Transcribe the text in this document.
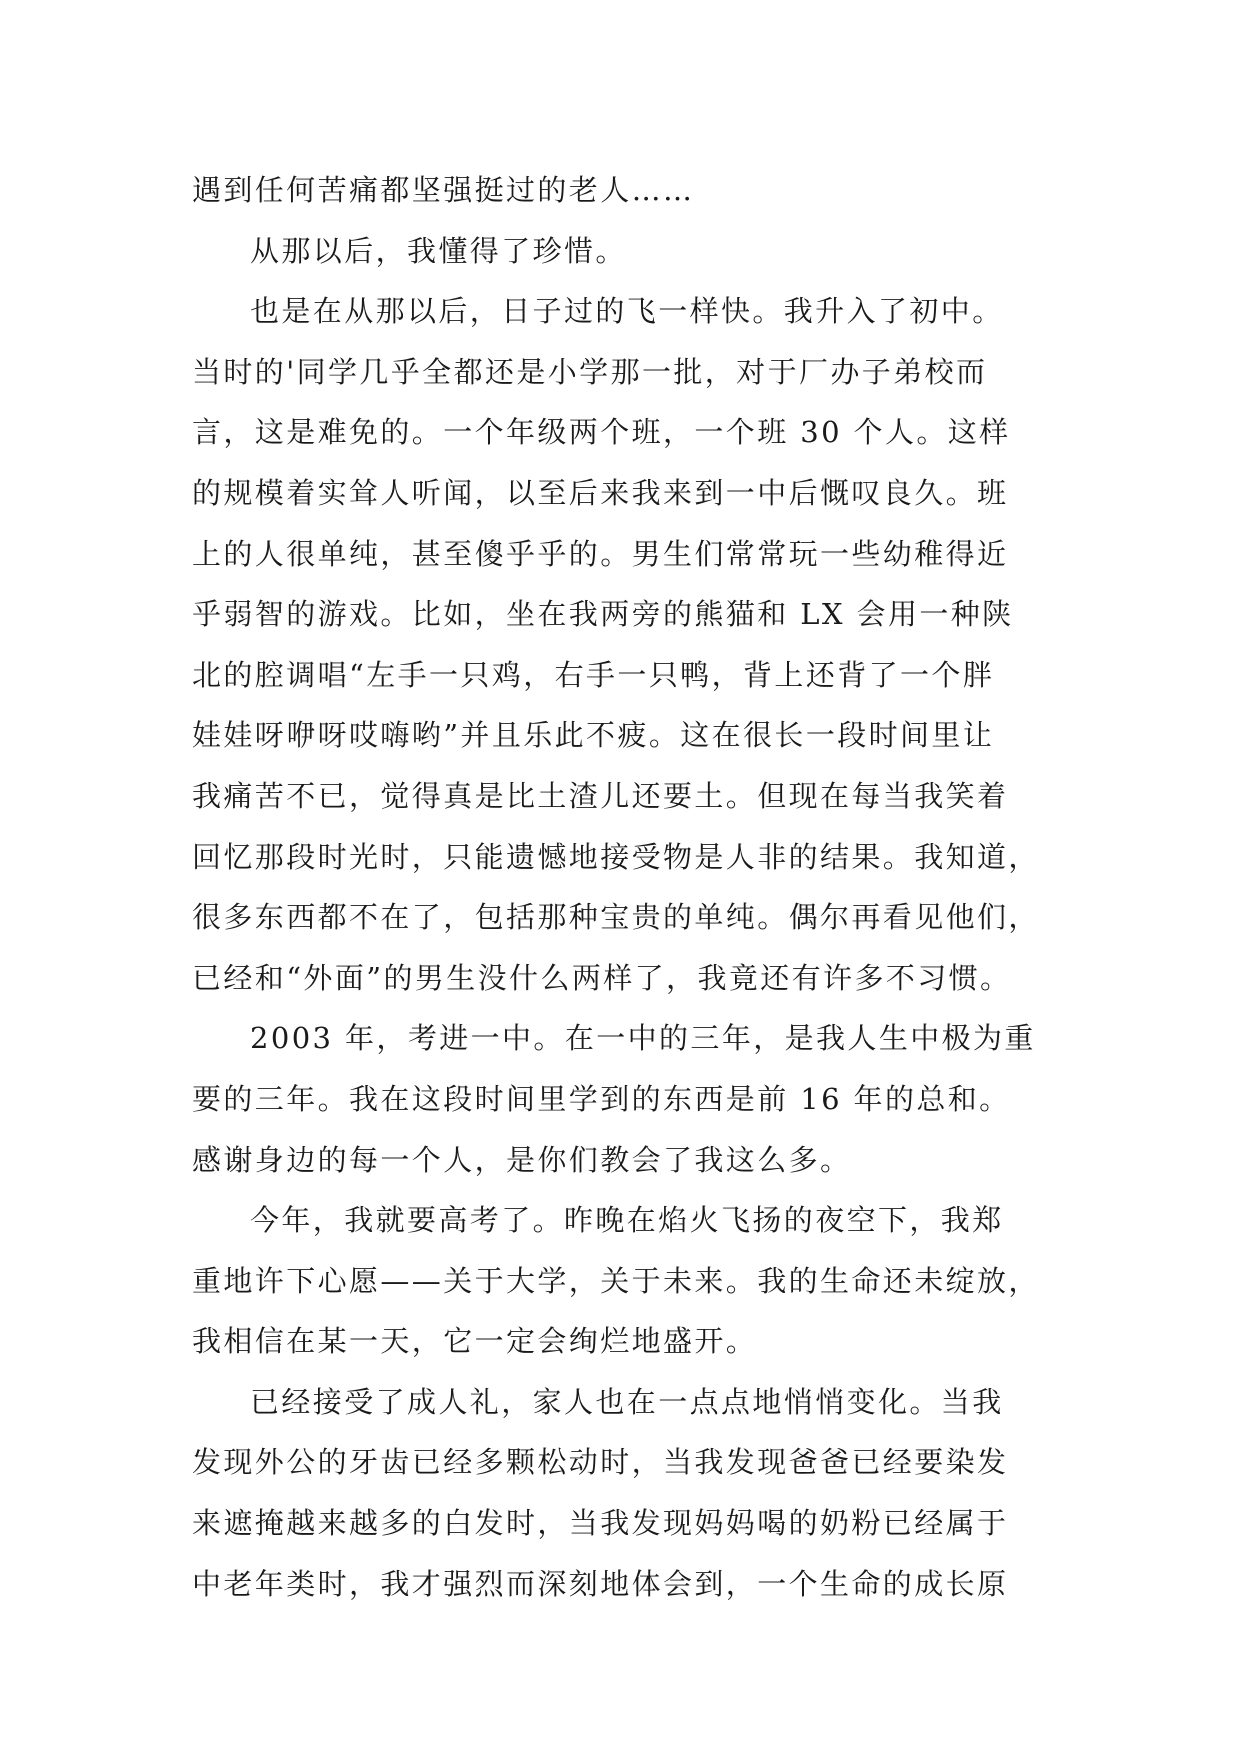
遇到任何苦痛都坚强挺过的老人……
从那以后，我懂得了珍惜。
也是在从那以后，日子过的飞一样快。我升入了初中。
当时的'同学几乎全都还是小学那一批，对于厂办子弟校而
言，这是难免的。一个年级两个班，一个班 30 个人。这样
的规模着实耸人听闻，以至后来我来到一中后慨叹良久。班
上的人很单纯，甚至傻乎乎的。男生们常常玩一些幼稚得近
乎弱智的游戏。比如，坐在我两旁的熊猫和 LX 会用一种陕
北的腔调唱“左手一只鸡，右手一只鸭，背上还背了一个胖
娃娃呀咿呀哎嗨哟”并且乐此不疲。这在很长一段时间里让
我痛苦不已，觉得真是比土渣儿还要土。但现在每当我笑着
回忆那段时光时，只能遗憾地接受物是人非的结果。我知道，
很多东西都不在了，包括那种宝贵的单纯。偶尔再看见他们，
已经和“外面”的男生没什么两样了，我竟还有许多不习惯。
2003 年，考进一中。在一中的三年，是我人生中极为重
要的三年。我在这段时间里学到的东西是前 16 年的总和。
感谢身边的每一个人，是你们教会了我这么多。
今年，我就要高考了。昨晚在焰火飞扬的夜空下，我郑
重地许下心愿——关于大学，关于未来。我的生命还未绽放，
我相信在某一天，它一定会绚烂地盛开。
已经接受了成人礼，家人也在一点点地悄悄变化。当我
发现外公的牙齿已经多颗松动时，当我发现爸爸已经要染发
来遮掩越来越多的白发时，当我发现妈妈喝的奶粉已经属于
中老年类时，我才强烈而深刻地体会到，一个生命的成长原
